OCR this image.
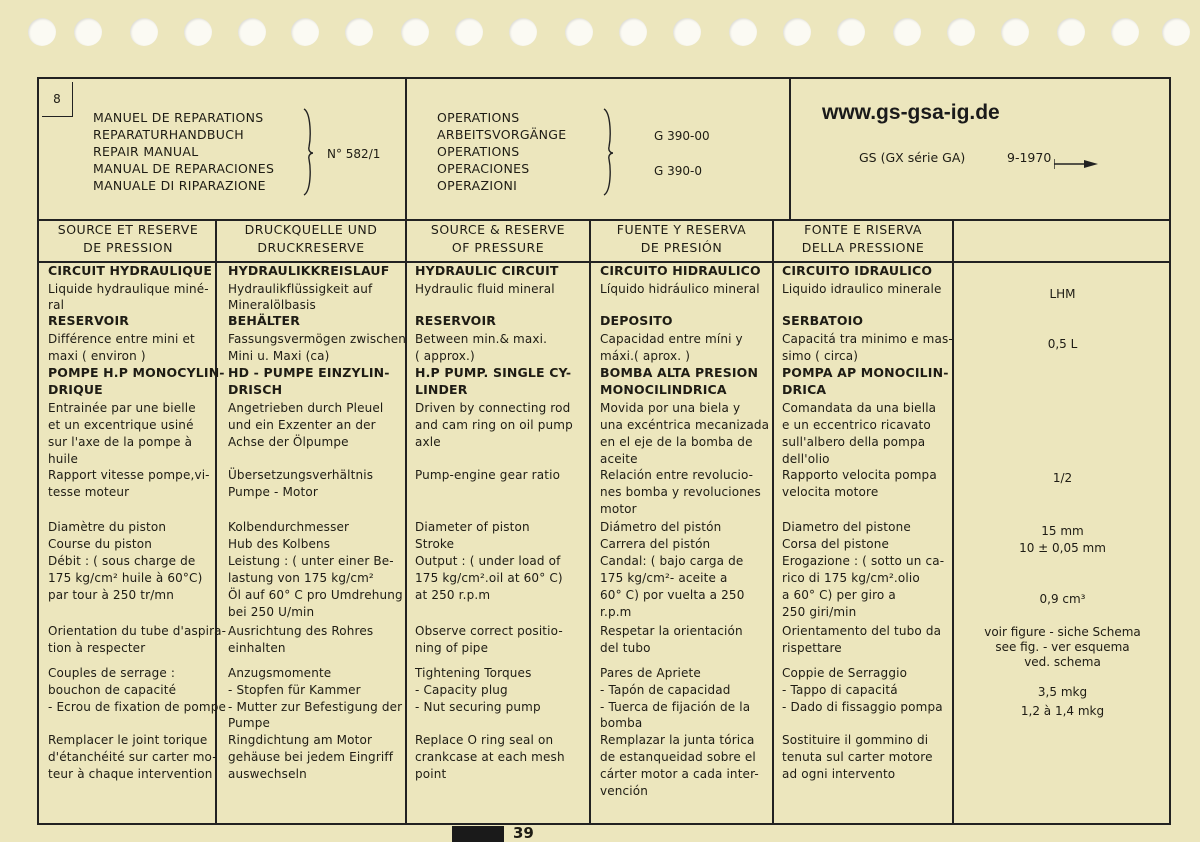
8
MANUEL DE REPARATIONS
REPARATURHANDBUCH
REPAIR MANUAL
MANUAL DE REPARACIONES
MANUALE DI RIPARAZIONE
N° 582/1
OPERATIONS
ARBEITSVORGÄNGE
OPERATIONS
OPERACIONES
OPERAZIONI
G 390-00
G 390-0
GS (GX série GA)	9-1970
SOURCE ET RESERVE
DE PRESSION
DRUCKQUELLE UND
DRUCKRESERVE
SOURCE & RESERVE
OF PRESSURE
FUENTE Y RESERVA
DE PRESIÓN
FONTE E RISERVA
DELLA PRESSIONE
CIRCUIT HYDRAULIQUE
Liquide hydraulique miné-
ral
RESERVOIR
Différence entre mini et
maxi ( environ )
POMPE H.P MONOCYLIN-
DRIQUE
Entrainée par une bielle
et un excentrique usiné
sur l'axe de la pompe à
huile
Rapport vitesse pompe,vi-
tesse moteur
Diamètre du piston
Course du piston
Débit : ( sous charge de
175 kg/cm² huile à 60°C)
par tour à 250 tr/mn
Orientation du tube d'aspira-
tion à respecter
Couples de serrage :
bouchon de capacité
- Ecrou de fixation de pompe
Remplacer le joint torique
d'étanchéité sur carter mo-
teur à chaque intervention
HYDRAULIKKREISLAUF
Hydraulikflüssigkeit auf
Mineralölbasis
BEHÄLTER
Fassungsvermögen zwischen
Mini u. Maxi (ca)
HD - PUMPE EINZYLIN-
DRISCH
Angetrieben durch Pleuel
und ein Exzenter an der
Achse der Ölpumpe
Übersetzungsverhältnis
Pumpe - Motor
Kolbendurchmesser
Hub des Kolbens
Leistung : ( unter einer Be-
lastung von 175 kg/cm²
Öl auf 60° C pro Umdrehung
bei 250 U/min
Ausrichtung des Rohres
einhalten
Anzugsmomente
- Stopfen für Kammer
- Mutter zur Befestigung der
Pumpe
Ringdichtung am Motor
gehäuse bei jedem Eingriff
auswechseln
HYDRAULIC CIRCUIT
Hydraulic fluid mineral
RESERVOIR
Between min.& maxi.
( approx.)
H.P PUMP. SINGLE CY-
LINDER
Driven by connecting rod
and cam ring on oil pump
axle
Pump-engine gear ratio
Diameter of piston
Stroke
Output : ( under load of
175 kg/cm².oil at 60° C)
at 250 r.p.m
Observe correct positio-
ning of pipe
Tightening Torques
- Capacity plug
- Nut securing pump
Replace O ring seal on
crankcase at each mesh
point
CIRCUITO HIDRAULICO
Líquido hidráulico mineral
DEPOSITO
Capacidad entre míni y
máxi.( aprox. )
BOMBA ALTA PRESION
MONOCILINDRICA
Movida por una biela y
una excéntrica mecanizada
en el eje de la bomba de
aceite
Relación entre revolucio-
nes bomba y revoluciones
motor
Diámetro del pistón
Carrera del pistón
Candal: ( bajo carga de
175 kg/cm²- aceite a
60° C) por vuelta a 250
r.p.m
Respetar la orientación
del tubo
Pares de Apriete
- Tapón de capacidad
- Tuerca de fijación de la
bomba
Remplazar la junta tórica
de estanqueidad sobre el
cárter motor a cada inter-
vención
CIRCUITO IDRAULICO
Liquido idraulico minerale
SERBATOIO
Capacitá tra minimo e mas-
simo ( circa)
POMPA AP MONOCILIN-
DRICA
Comandata da una biella
e un eccentrico ricavato
sull'albero della pompa
dell'olio
Rapporto velocita pompa
velocita motore
Diametro del pistone
Corsa del pistone
Erogazione : ( sotto un ca-
rico di 175 kg/cm².olio
a 60° C) per giro a
250 giri/min
Orientamento del tubo da
rispettare
Coppie de Serraggio
- Tappo di capacitá
- Dado di fissaggio pompa
Sostituire il gommino di
tenuta sul carter motore
ad ogni intervento
LHM
0,5 L
1/2
15 mm
10 ± 0,05 mm
0,9 cm³
voir figure - siche Schema
see fig. - ver esquema
ved. schema
3,5 mkg
1,2 à 1,4 mkg
www.gs-gsa-ig.de
39
